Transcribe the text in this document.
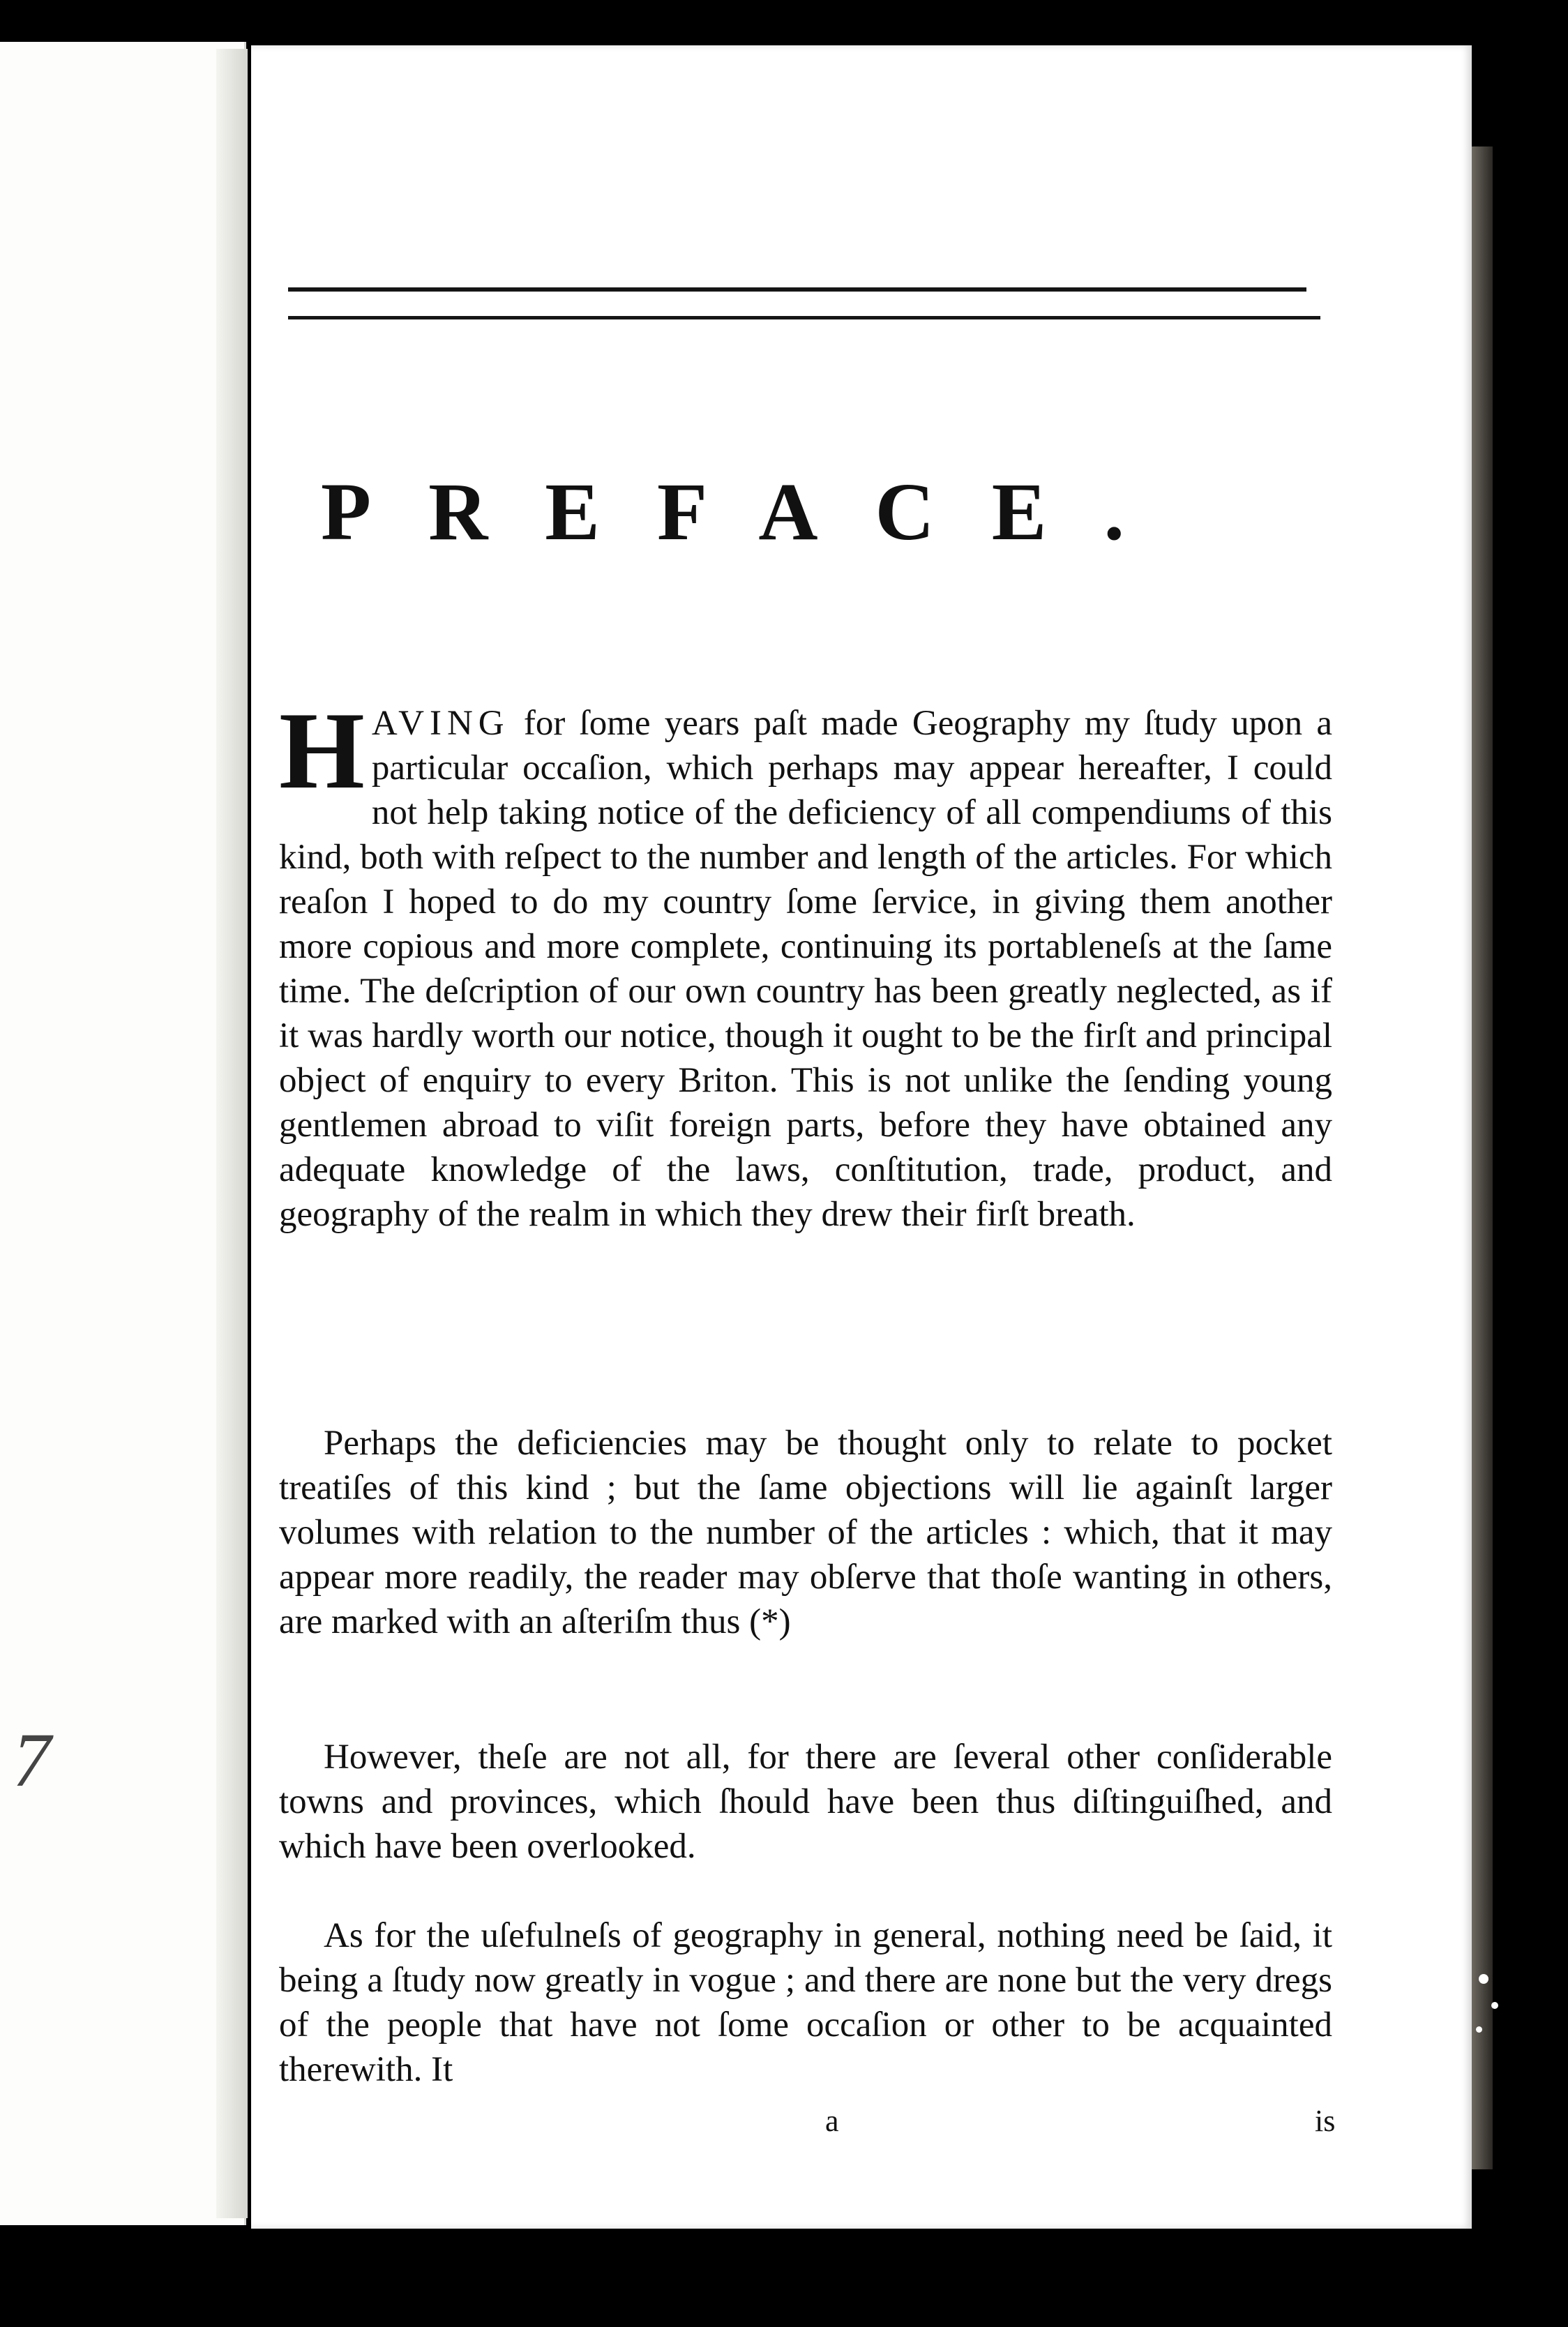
7
PREFACE.

HAVING for ſome years paſt made Geography my ſtudy upon a particular occaſion, which perhaps may appear hereafter, I could not help taking notice of the deficiency of all compendiums of this kind, both with reſpect to the number and length of the articles. For which reaſon I hoped to do my country ſome ſervice, in giving them another more copious and more complete, continuing its portableneſs at the ſame time. The deſcription of our own country has been greatly neglected, as if it was hardly worth our notice, though it ought to be the firſt and principal object of enquiry to every Briton. This is not unlike the ſending young gentlemen abroad to viſit foreign parts, before they have obtained any adequate knowledge of the laws, conſtitution, trade, product, and geography of the realm in which they drew their firſt breath.

Perhaps the deficiencies may be thought only to relate to pocket treatiſes of this kind ; but the ſame objections will lie againſt larger volumes with relation to the number of the articles : which, that it may appear more readily, the reader may obſerve that thoſe wanting in others, are marked with an aſteriſm thus (*)

However, theſe are not all, for there are ſeveral other conſiderable towns and provinces, which ſhould have been thus diſtinguiſhed, and which have been overlooked.

As for the uſefulneſs of geography in general, nothing need be ſaid, it being a ſtudy now greatly in vogue ; and there are none but the very dregs of the people that have not ſome occaſion or other to be acquainted therewith. It

a	is
